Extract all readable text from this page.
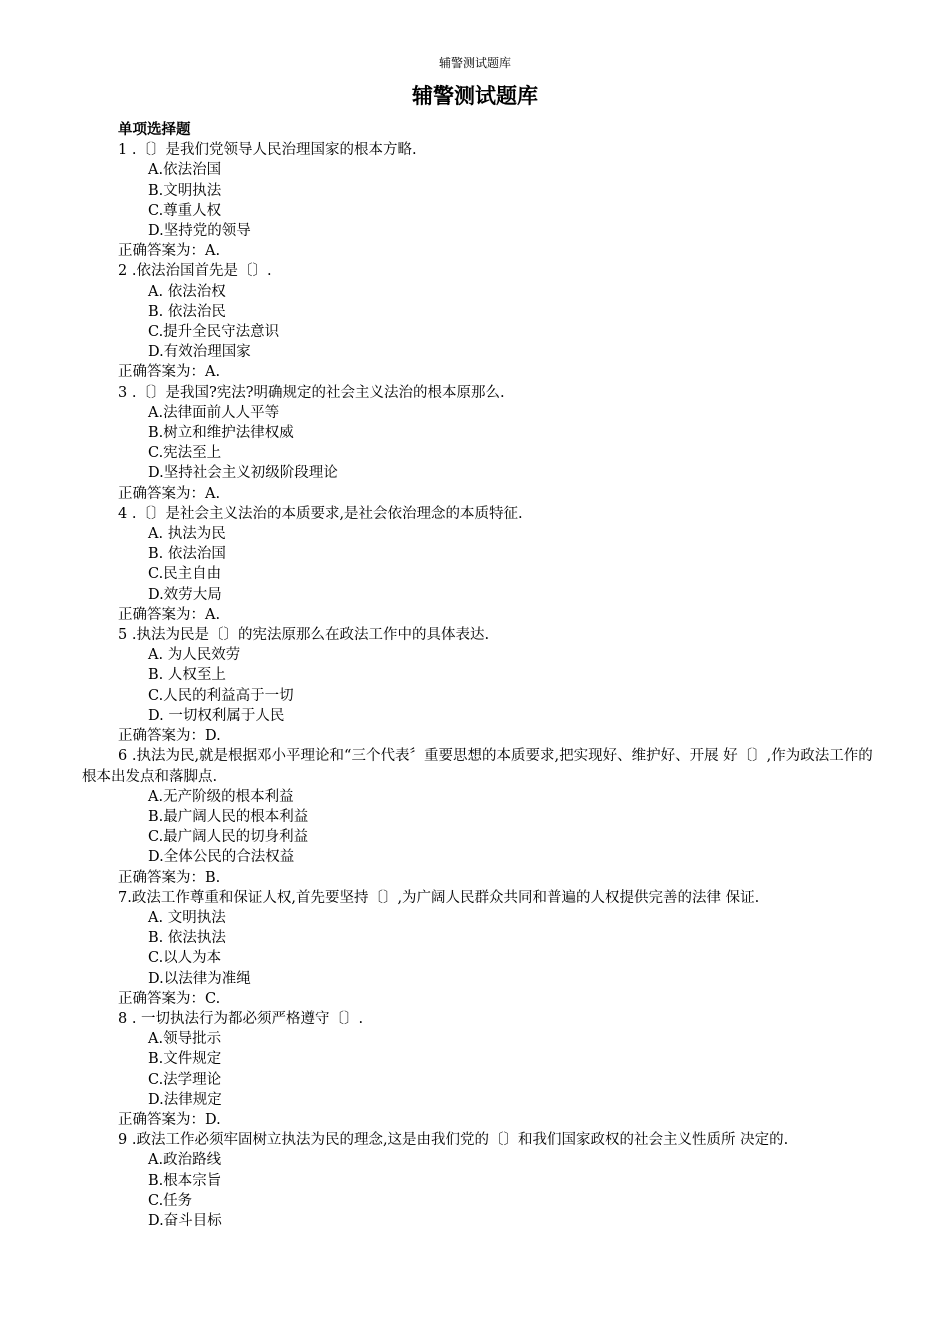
辅警测试题库
辅警测试题库
单项选择题
1 .〔〕是我们党领导人民治理国家的根本方略.
A.依法治国
B.文明执法
C.尊重人权
D.坚持党的领导
正确答案为：A.
2 .依法治国首先是〔〕.
A. 依法治权
B. 依法治民
C.提升全民守法意识
D.有效治理国家
正确答案为：A.
3 .〔〕是我国?宪法?明确规定的社会主义法治的根本原那么.
A.法律面前人人平等
B.树立和维护法律权威
C.宪法至上
D.坚持社会主义初级阶段理论
正确答案为：A.
4 .〔〕是社会主义法治的本质要求,是社会依治理念的本质特征.
A. 执法为民
B. 依法治国
C.民主自由
D.效劳大局
正确答案为：A.
5 .执法为民是〔〕的宪法原那么在政法工作中的具体表达.
A. 为人民效劳
B. 人权至上
C.人民的利益高于一切
D. 一切权利属于人民
正确答案为：D.
6 .执法为民,就是根据邓小平理论和“三个代表〞重要思想的本质要求,把实现好、维护好、开展 好〔〕,作为政法工作的根本出发点和落脚点.
A.无产阶级的根本利益
B.最广阔人民的根本利益
C.最广阔人民的切身利益
D.全体公民的合法权益
正确答案为：B.
7.政法工作尊重和保证人权,首先要坚持〔〕,为广阔人民群众共同和普遍的人权提供完善的法律 保证.
A. 文明执法
B. 依法执法
C.以人为本
D.以法律为准绳
正确答案为：C.
8 . 一切执法行为都必须严格遵守〔〕.
A.领导批示
B.文件规定
C.法学理论
D.法律规定
正确答案为：D.
9 .政法工作必须牢固树立执法为民的理念,这是由我们党的〔〕和我们国家政权的社会主义性质所 决定的.
A.政治路线
B.根本宗旨
C.任务
D.奋斗目标
